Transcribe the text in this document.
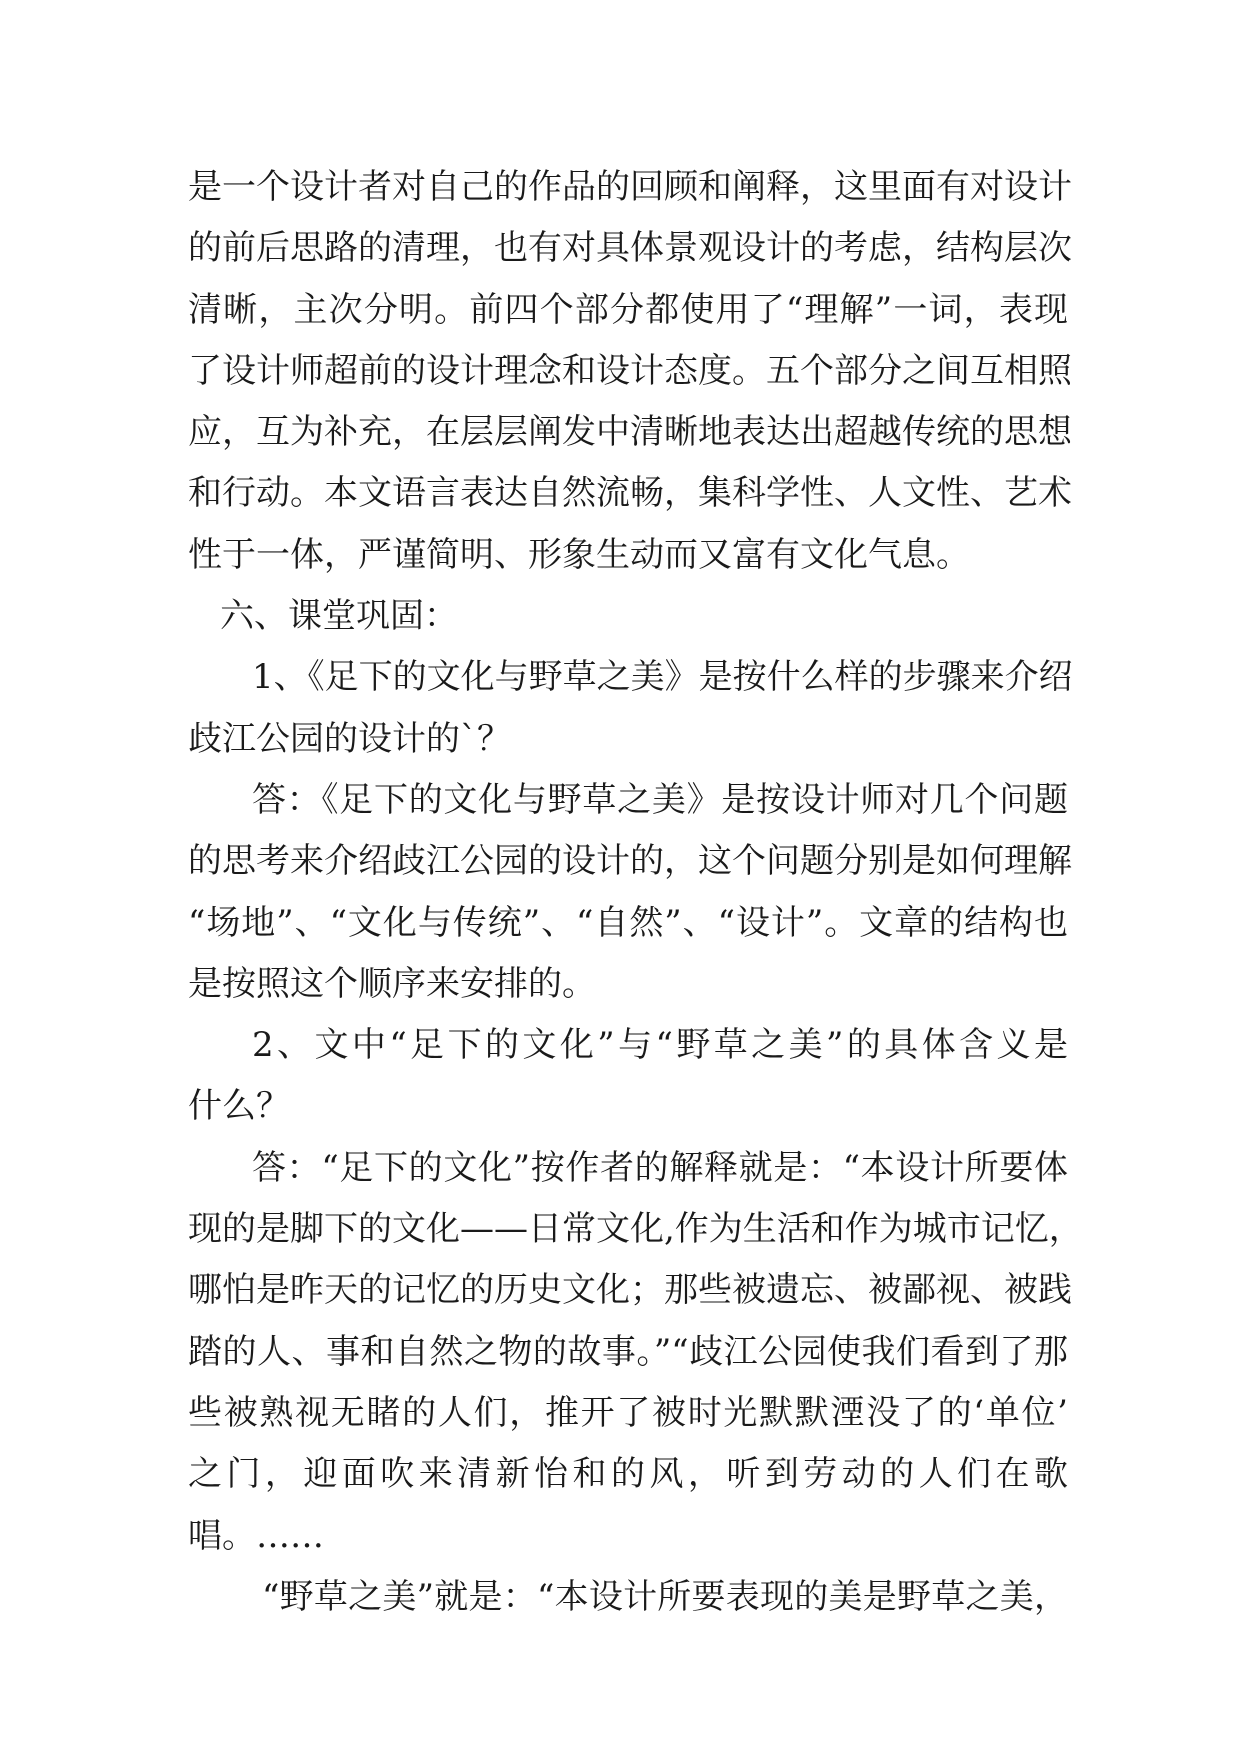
是一个设计者对自己的作品的回顾和阐释，这里面有对设计
的前后思路的清理，也有对具体景观设计的考虑，结构层次
清晰，主次分明。前四个部分都使用了“理解”一词，表现
了设计师超前的设计理念和设计态度。五个部分之间互相照
应，互为补充，在层层阐发中清晰地表达出超越传统的思想
和行动。本文语言表达自然流畅，集科学性、人文性、艺术
性于一体，严谨简明、形象生动而又富有文化气息。
六、课堂巩固：
1、《足下的文化与野草之美》是按什么样的步骤来介绍
歧江公园的设计的`？
答：《足下的文化与野草之美》是按设计师对几个问题
的思考来介绍歧江公园的设计的，这个问题分别是如何理解
“场地”、“文化与传统”、“自然”、“设计”。文章的结构也
是按照这个顺序来安排的。
2、文中“足下的文化”与“野草之美”的具体含义是
什么？
答：“足下的文化”按作者的解释就是：“本设计所要体
现的是脚下的文化——日常文化,作为生活和作为城市记忆，
哪怕是昨天的记忆的历史文化；那些被遗忘、被鄙视、被践
踏的人、事和自然之物的故事。”“歧江公园使我们看到了那
些被熟视无睹的人们，推开了被时光默默湮没了的‘单位’
之门，迎面吹来清新怡和的风，听到劳动的人们在歌
唱。……
“野草之美”就是：“本设计所要表现的美是野草之美，
